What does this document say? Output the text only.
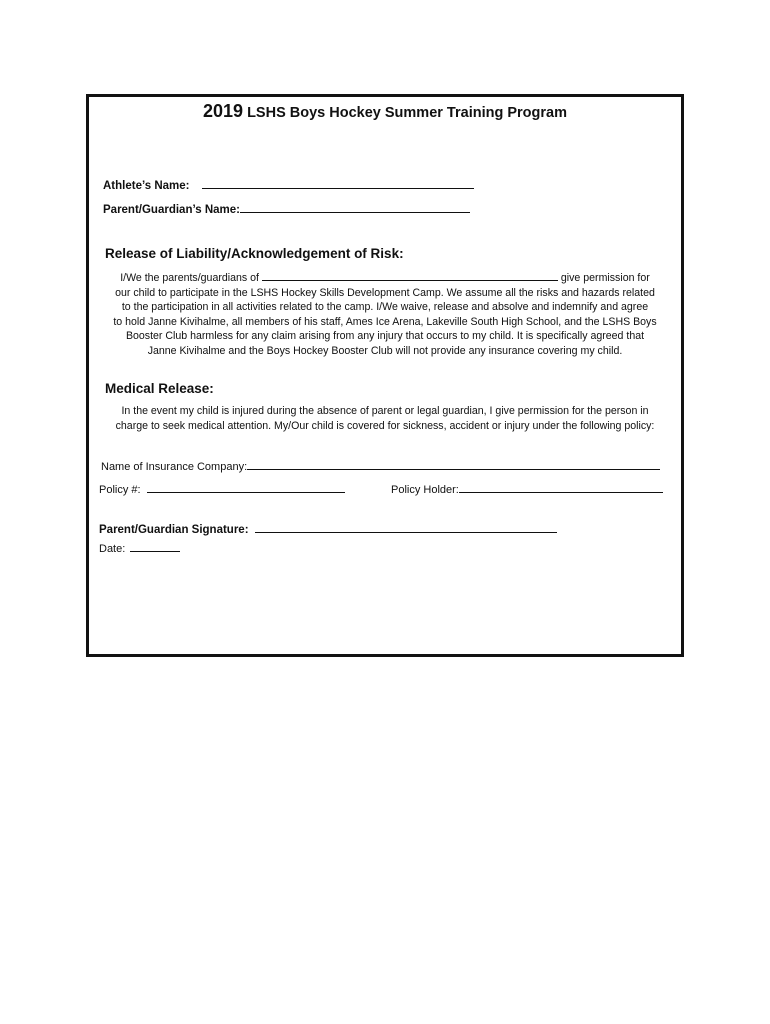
2019 LSHS Boys Hockey Summer Training Program
Athlete’s Name:
Parent/Guardian’s Name:
Release of Liability/Acknowledgement of Risk:
I/We the parents/guardians of	give permission for
our child to participate in the LSHS Hockey Skills Development Camp. We assume all the risks and hazards related
to the participation in all activities related to the camp. I/We waive, release and absolve and indemnify and agree
to hold Janne Kivihalme, all members of his staff, Ames Ice Arena, Lakeville South High School, and the LSHS Boys
Booster Club harmless for any claim arising from any injury that occurs to my child. It is specifically agreed that
Janne Kivihalme and the Boys Hockey Booster Club will not provide any insurance covering my child.
Medical Release:
In the event my child is injured during the absence of parent or legal guardian, I give permission for the person in
charge to seek medical attention. My/Our child is covered for sickness, accident or injury under the following policy:
Name of Insurance Company:
Policy #:	Policy Holder:
Parent/Guardian Signature:
Date:
